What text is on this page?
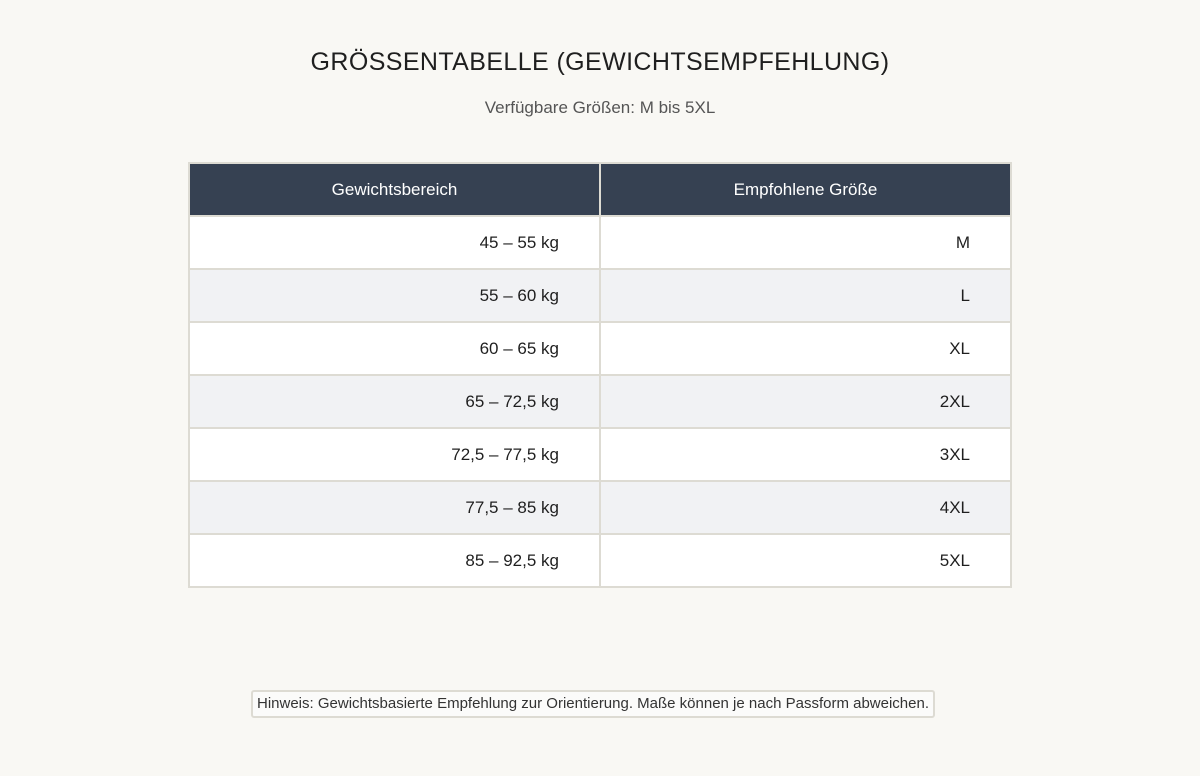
GRÖSSENTABELLE (GEWICHTSEMPFEHLUNG)
Verfügbare Größen: M bis 5XL
Gewichtsbereich	Empfohlene Größe
45 – 55 kg	M
55 – 60 kg	L
60 – 65 kg	XL
65 – 72,5 kg	2XL
72,5 – 77,5 kg	3XL
77,5 – 85 kg	4XL
85 – 92,5 kg	5XL
Hinweis: Gewichtsbasierte Empfehlung zur Orientierung. Maße können je nach Passform abweichen.
